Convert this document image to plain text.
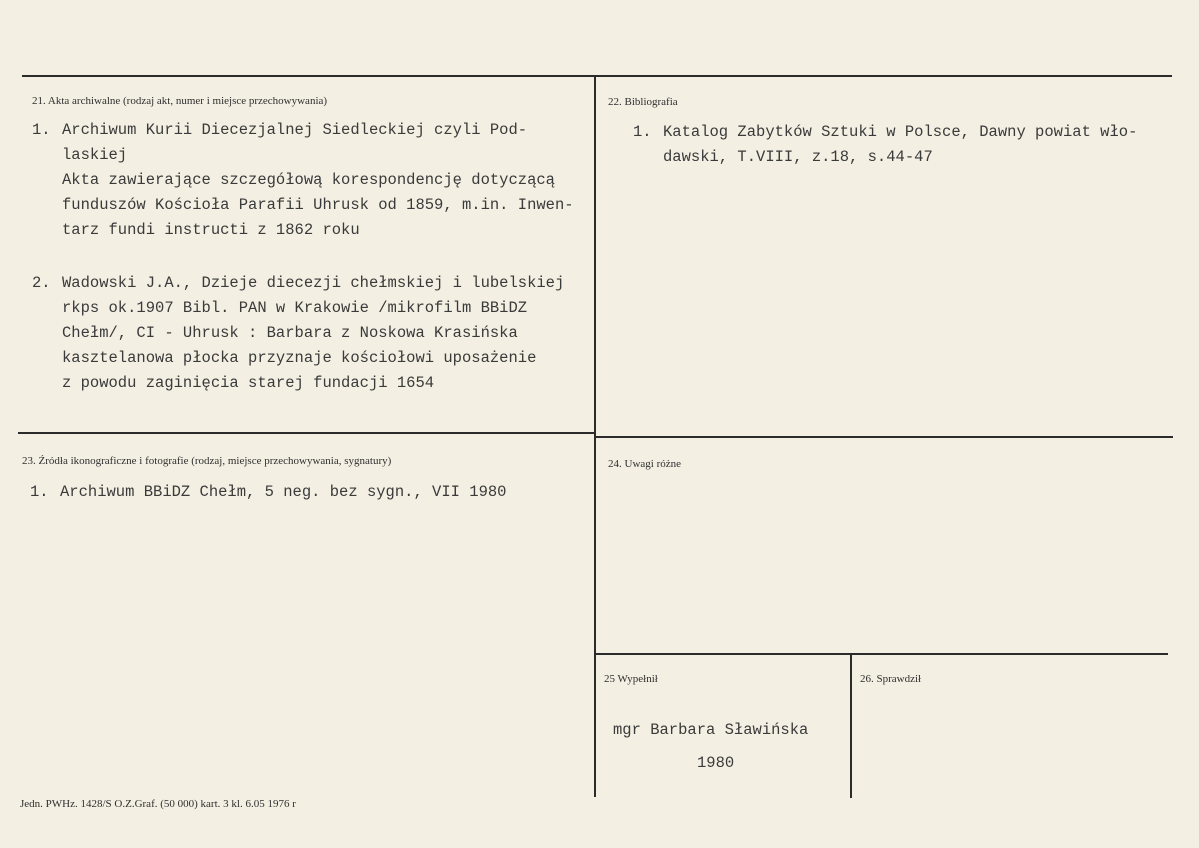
21. Akta archiwalne (rodzaj akt, numer i miejsce przechowywania)
1. Archiwum Kurii Diecezjalnej Siedleckiej czyli Pod-
laskiej
Akta zawierające szczegółową korespondencję dotyczącą
funduszów Kościoła Parafii Uhrusk od 1859, m.in. Inwen-
tarz fundi instructi z 1862 roku
2. Wadowski J.A., Dzieje diecezji chełmskiej i lubelskiej
rkps ok.1907 Bibl. PAN w Krakowie /mikrofilm BBiDZ
Chełm/, CI - Uhrusk : Barbara z Noskowa Krasińska
kasztelanowa płocka przyznaje kościołowi uposażenie
z powodu zaginięcia starej fundacji 1654
22. Bibliografia
1. Katalog Zabytków Sztuki w Polsce, Dawny powiat wło-
dawski, T.VIII, z.18, s.44-47
23. Źródła ikonograficzne i fotografie (rodzaj, miejsce przechowywania, sygnatury)
1. Archiwum BBiDZ Chełm, 5 neg. bez sygn., VII 1980
24. Uwagi różne
25 Wypełnił
mgr Barbara Sławińska
1980
26. Sprawdził
Jedn. PWHz. 1428/S O.Z.Graf. (50 000) kart. 3 kl. 6.05 1976 r
